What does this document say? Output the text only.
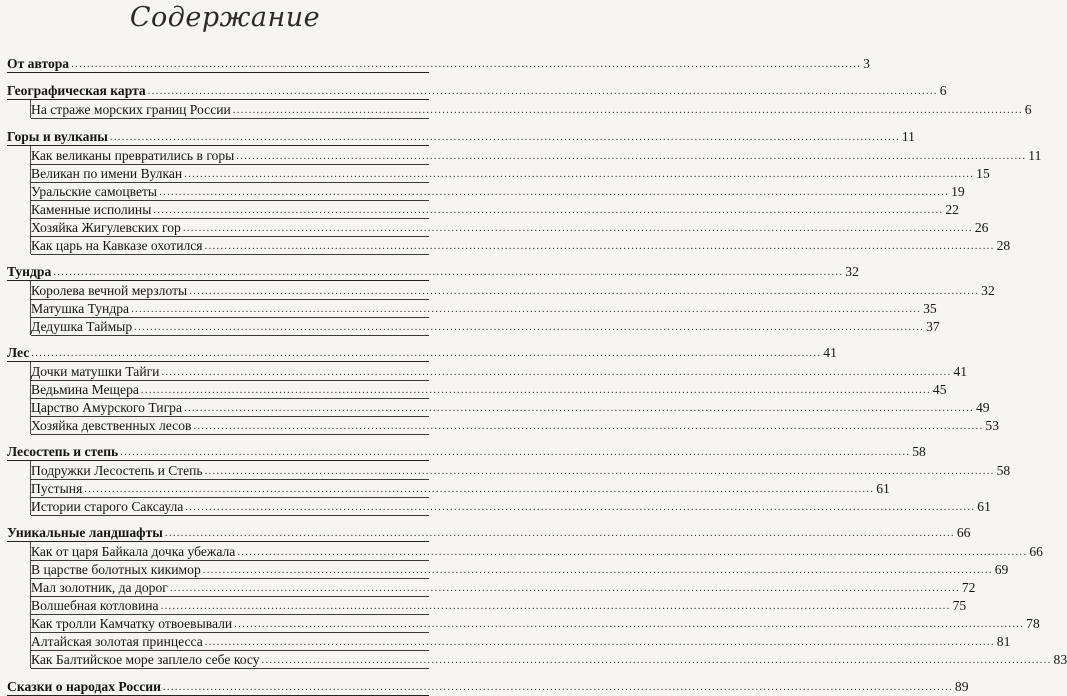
Содержание
От автора ........................................................................................................................................................................................................ 3
Географическая карта ........................................................................................................................................................................................................ 6
На страже морских границ России ........................................................................................................................................................................................................ 6
Горы и вулканы ........................................................................................................................................................................................................ 11
Как великаны превратились в горы ........................................................................................................................................................................................................ 11
Великан по имени Вулкан ........................................................................................................................................................................................................ 15
Уральские самоцветы ........................................................................................................................................................................................................ 19
Каменные исполины ........................................................................................................................................................................................................ 22
Хозяйка Жигулевских гор ........................................................................................................................................................................................................ 26
Как царь на Кавказе охотился ........................................................................................................................................................................................................ 28
Тундра ........................................................................................................................................................................................................ 32
Королева вечной мерзлоты ........................................................................................................................................................................................................ 32
Матушка Тундра ........................................................................................................................................................................................................ 35
Дедушка Таймыр ........................................................................................................................................................................................................ 37
Лес ........................................................................................................................................................................................................ 41
Дочки матушки Тайги ........................................................................................................................................................................................................ 41
Ведьмина Мещера ........................................................................................................................................................................................................ 45
Царство Амурского Тигра ........................................................................................................................................................................................................ 49
Хозяйка девственных лесов ........................................................................................................................................................................................................ 53
Лесостепь и степь ........................................................................................................................................................................................................ 58
Подружки Лесостепь и Степь ........................................................................................................................................................................................................ 58
Пустыня ........................................................................................................................................................................................................ 61
Истории старого Саксаула ........................................................................................................................................................................................................ 61
Уникальные ландшафты ........................................................................................................................................................................................................ 66
Как от царя Байкала дочка убежала ........................................................................................................................................................................................................ 66
В царстве болотных кикимор ........................................................................................................................................................................................................ 69
Мал золотник, да дорог ........................................................................................................................................................................................................ 72
Волшебная котловина ........................................................................................................................................................................................................ 75
Как тролли Камчатку отвоевывали ........................................................................................................................................................................................................ 78
Алтайская золотая принцесса ........................................................................................................................................................................................................ 81
Как Балтийское море заплело себе косу ........................................................................................................................................................................................................ 83
Сказки о народах России ........................................................................................................................................................................................................ 89
